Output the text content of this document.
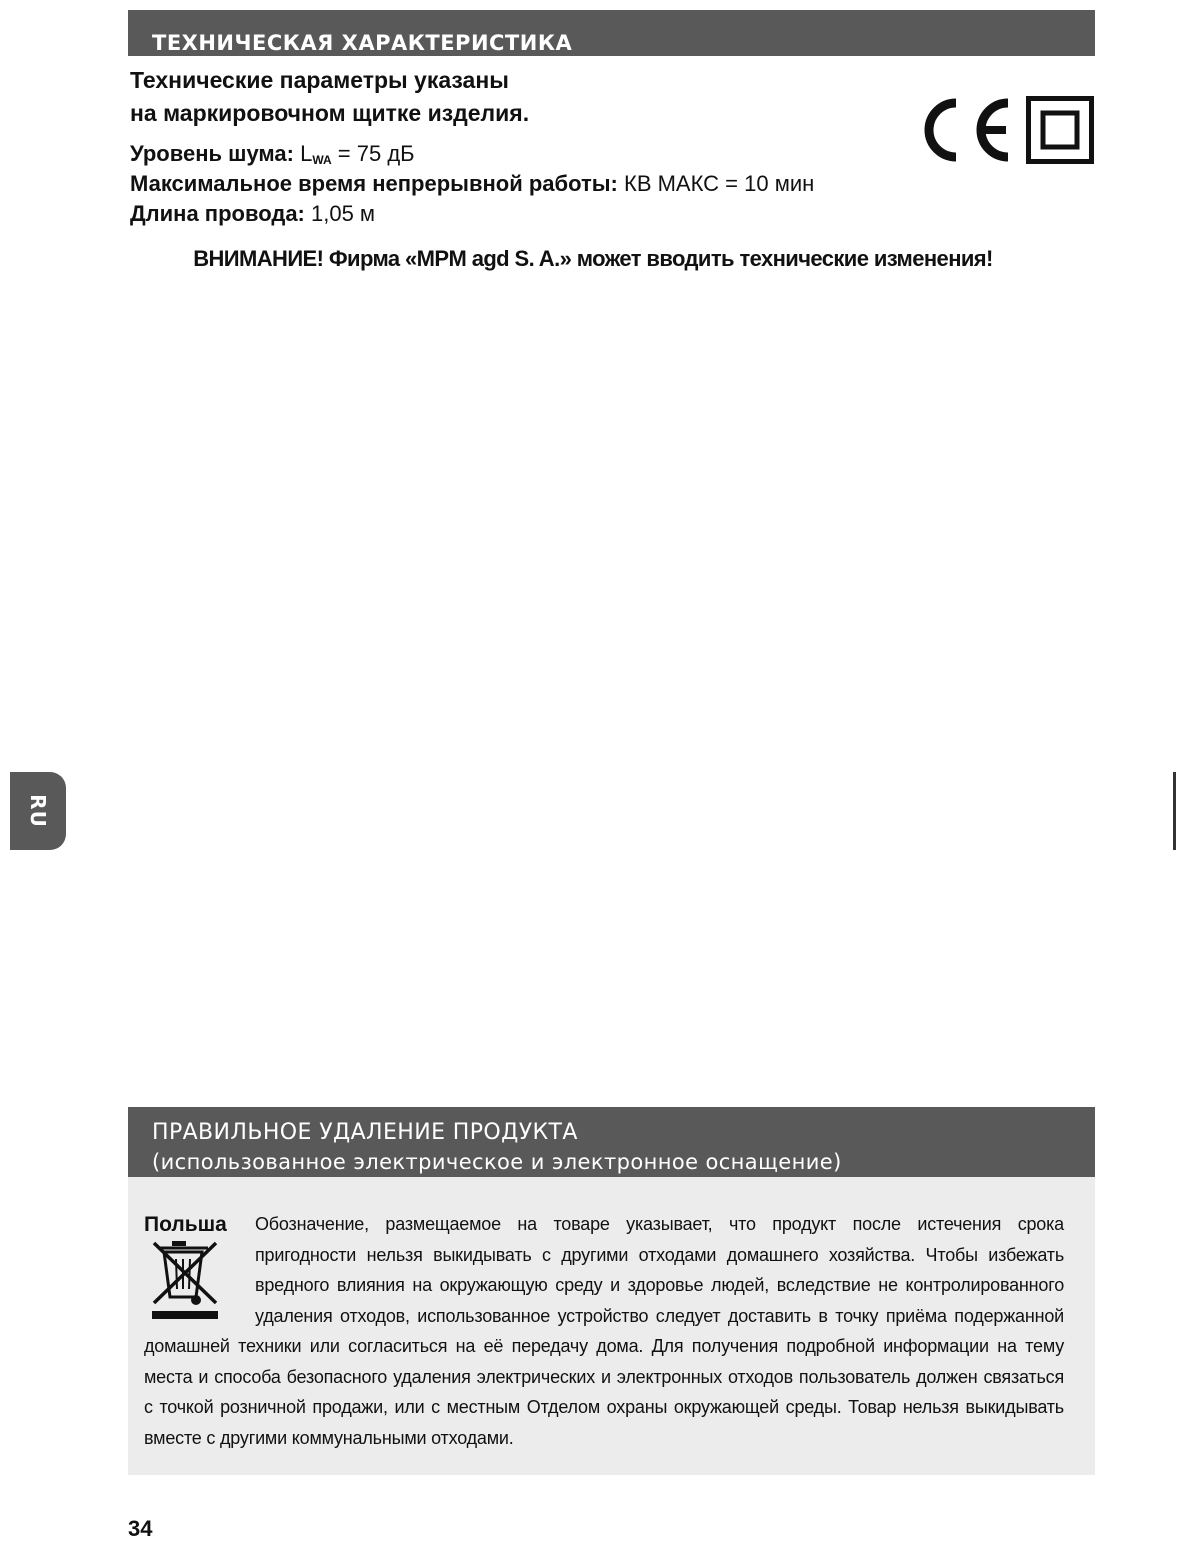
ТЕХНИЧЕСКАЯ ХАРАКТЕРИСТИКА

Технические параметры указаны
на маркировочном щитке изделия.

Уровень шума: $L_{WA} = 75$ дБ
Максимальное время непрерывной работы: КВ МАКС = 10 мин
Длина провода: 1,05 м
ВНИМАНИЕ! Фирма «MPM agd S. A.» может вводить технические изменения!
RU
ПРАВИЛЬНОЕ УДАЛЕНИЕ ПРОДУКТА
(использованное электрическое и электронное оснащение)

Обозначение, размещаемое на товаре указывает, что продукт после истечения срока пригодности нельзя выкидывать с другими отходами домашнего хозяйства. Чтобы избежать вредного влияния на окружающую среду и здоровье людей, вследствие не контролированного удаления отходов, использованное устройство следует доставить в точку приёма подержанной домашней техники или согласиться на её передачу дома. Для получения подробной информации на тему места и способа безопасного удаления электрических и электронных отходов пользователь должен связаться с точкой розничной продажи, или с местным Отделом охраны окружающей среды. Товар нельзя выкидывать вместе с другими коммунальными отходами.

Польша
34
